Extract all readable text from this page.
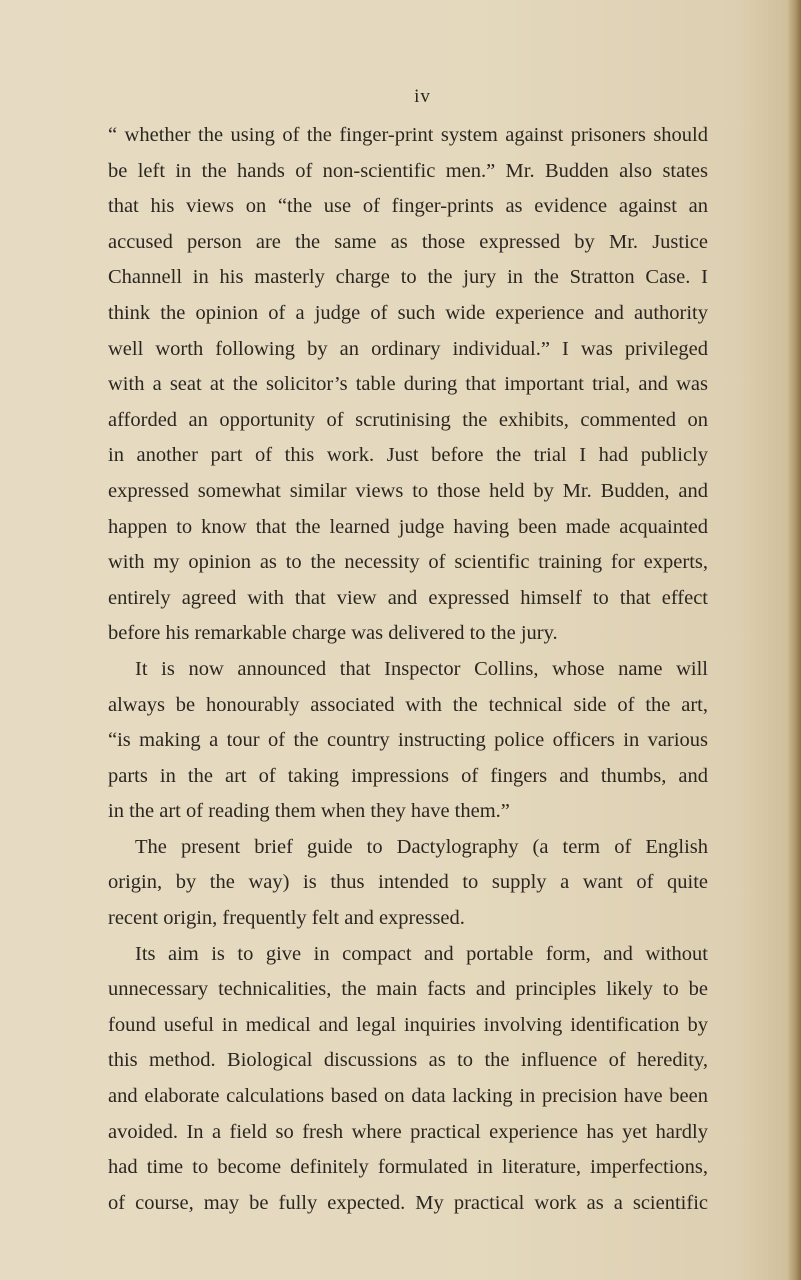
iv
“ whether the using of the finger-print system against prisoners should
be left in the hands of non-scientific men.” Mr. Budden also states
that his views on “the use of finger-prints as evidence against an
accused person are the same as those expressed by Mr. Justice
Channell in his masterly charge to the jury in the Stratton Case. I
think the opinion of a judge of such wide experience and authority
well worth following by an ordinary individual.” I was privileged
with a seat at the solicitor’s table during that important trial, and was
afforded an opportunity of scrutinising the exhibits, commented on
in another part of this work. Just before the trial I had publicly
expressed somewhat similar views to those held by Mr. Budden, and
happen to know that the learned judge having been made acquainted
with my opinion as to the necessity of scientific training for experts,
entirely agreed with that view and expressed himself to that effect
before his remarkable charge was delivered to the jury.
It is now announced that Inspector Collins, whose name will
always be honourably associated with the technical side of the art,
“is making a tour of the country instructing police officers in various
parts in the art of taking impressions of fingers and thumbs, and
in the art of reading them when they have them.”
The present brief guide to Dactylography (a term of English
origin, by the way) is thus intended to supply a want of quite
recent origin, frequently felt and expressed.
Its aim is to give in compact and portable form, and without
unnecessary technicalities, the main facts and principles likely to be
found useful in medical and legal inquiries involving identification by
this method. Biological discussions as to the influence of heredity,
and elaborate calculations based on data lacking in precision have been
avoided. In a field so fresh where practical experience has yet hardly
had time to become definitely formulated in literature, imperfections,
of course, may be fully expected. My practical work as a scientific
